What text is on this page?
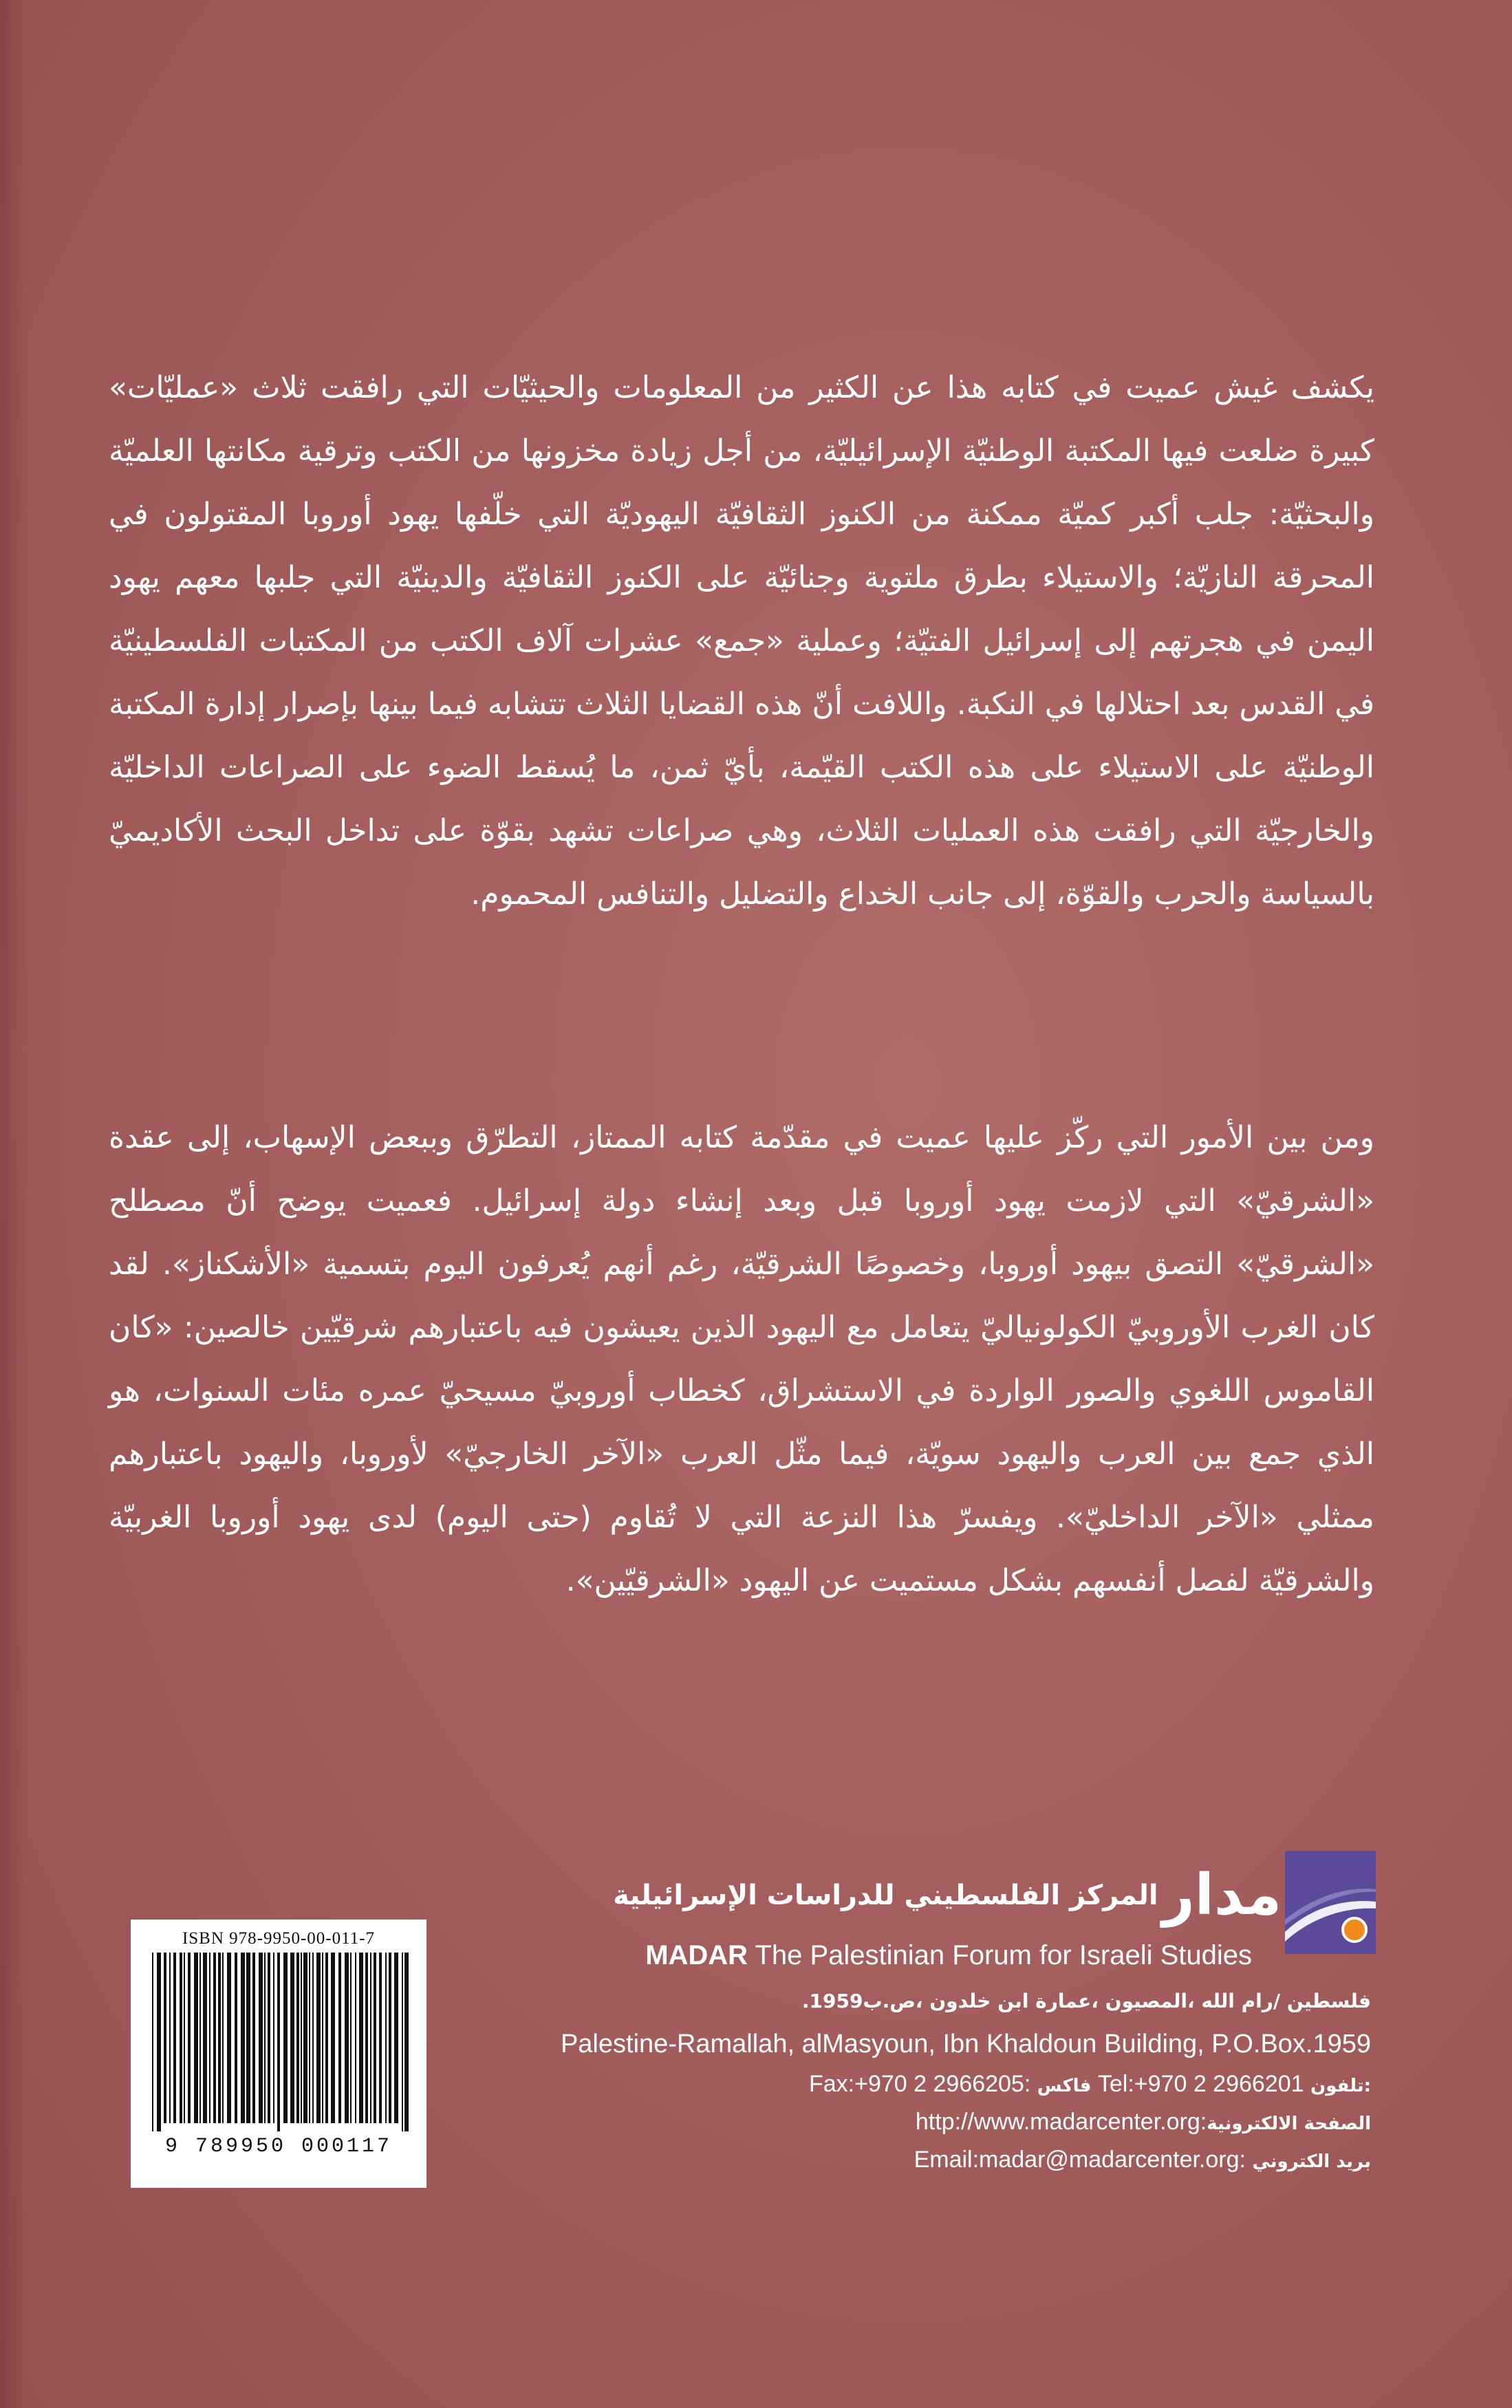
يكشف غيش عميت في كتابه هذا عن الكثير من المعلومات والحيثيّات التي رافقت ثلاث «عمليّات» كبيرة ضلعت فيها المكتبة الوطنيّة الإسرائيليّة، من أجل زيادة مخزونها من الكتب وترقية مكانتها العلميّة والبحثيّة: جلب أكبر كميّة ممكنة من الكنوز الثقافيّة اليهوديّة التي خلّفها يهود أوروبا المقتولون في المحرقة النازيّة؛ والاستيلاء بطرق ملتوية وجنائيّة على الكنوز الثقافيّة والدينيّة التي جلبها معهم يهود اليمن في هجرتهم إلى إسرائيل الفتيّة؛ وعملية «جمع» عشرات آلاف الكتب من المكتبات الفلسطينيّة في القدس بعد احتلالها في النكبة. واللافت أنّ هذه القضايا الثلاث تتشابه فيما بينها بإصرار إدارة المكتبة الوطنيّة على الاستيلاء على هذه الكتب القيّمة، بأيّ ثمن، ما يُسقط الضوء على الصراعات الداخليّة والخارجيّة التي رافقت هذه العمليات الثلاث، وهي صراعات تشهد بقوّة على تداخل البحث الأكاديميّ بالسياسة والحرب والقوّة، إلى جانب الخداع والتضليل والتنافس المحموم.

ومن بين الأمور التي ركّز عليها عميت في مقدّمة كتابه الممتاز، التطرّق وببعض الإسهاب، إلى عقدة «الشرقيّ» التي لازمت يهود أوروبا قبل وبعد إنشاء دولة إسرائيل. فعميت يوضح أنّ مصطلح «الشرقيّ» التصق بيهود أوروبا، وخصوصًا الشرقيّة، رغم أنهم يُعرفون اليوم بتسمية «الأشكناز». لقد كان الغرب الأوروبيّ الكولونياليّ يتعامل مع اليهود الذين يعيشون فيه باعتبارهم شرقيّين خالصين: «كان القاموس اللغوي والصور الواردة في الاستشراق، كخطاب أوروبيّ مسيحيّ عمره مئات السنوات، هو الذي جمع بين العرب واليهود سويّة، فيما مثّل العرب «الآخر الخارجيّ» لأوروبا، واليهود باعتبارهم ممثلي «الآخر الداخليّ». ويفسرّ هذا النزعة التي لا تُقاوم (حتى اليوم) لدى يهود أوروبا الغربيّة والشرقيّة لفصل أنفسهم بشكل مستميت عن اليهود «الشرقيّين».

ISBN 978-9950-00-011-7
9 789950 000117
مدارالمركز الفلسطيني للدراسات الإسرائيلية
MADAR The Palestinian Forum for Israeli Studies
فلسطين /رام الله ،المصيون ،عمارة ابن خلدون ،ص.ب1959.
Palestine-Ramallah, alMasyoun, Ibn Khaldoun Building, P.O.Box.1959
Fax:+970 2 2966205: فاكس Tel:+970 2 2966201 تلفون:
http://www.madarcenter.org:الصفحة الالكترونية
Email:madar@madarcenter.org: بريد الكتروني
